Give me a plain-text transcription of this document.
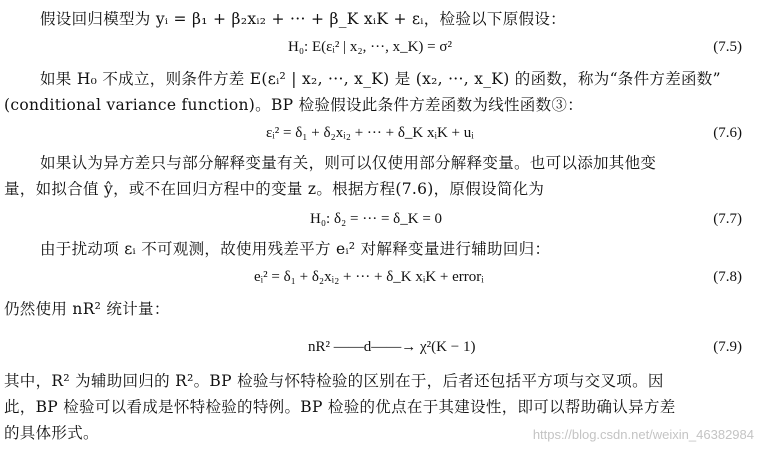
假设回归模型为 yᵢ = β₁ + β₂xᵢ₂ + ··· + β_K xᵢK + εᵢ，检验以下原假设：
H₀: E(εᵢ² | x₂, ···, x_K) = σ²	(7.5)
如果 H₀ 不成立，则条件方差 E(εᵢ² | x₂, ···, x_K) 是 (x₂, ···, x_K) 的函数，称为“条件方差函数”
(conditional variance function)。BP 检验假设此条件方差函数为线性函数③：
εᵢ² = δ₁ + δ₂xᵢ₂ + ··· + δ_K xᵢK + uᵢ	(7.6)
如果认为异方差只与部分解释变量有关，则可以仅使用部分解释变量。也可以添加其他变
量，如拟合值 ŷ，或不在回归方程中的变量 z。根据方程(7.6)，原假设简化为
H₀: δ₂ = ··· = δ_K = 0	(7.7)
由于扰动项 εᵢ 不可观测，故使用残差平方 eᵢ² 对解释变量进行辅助回归：
eᵢ² = δ₁ + δ₂xᵢ₂ + ··· + δ_K xᵢK + errorᵢ	(7.8)
仍然使用 nR² 统计量：
nR² ——d——→ χ²(K − 1)	(7.9)
其中，R² 为辅助回归的 R²。BP 检验与怀特检验的区别在于，后者还包括平方项与交叉项。因
此，BP 检验可以看成是怀特检验的特例。BP 检验的优点在于其建设性，即可以帮助确认异方差
的具体形式。	https://blog.csdn.net/weixin_46382984
